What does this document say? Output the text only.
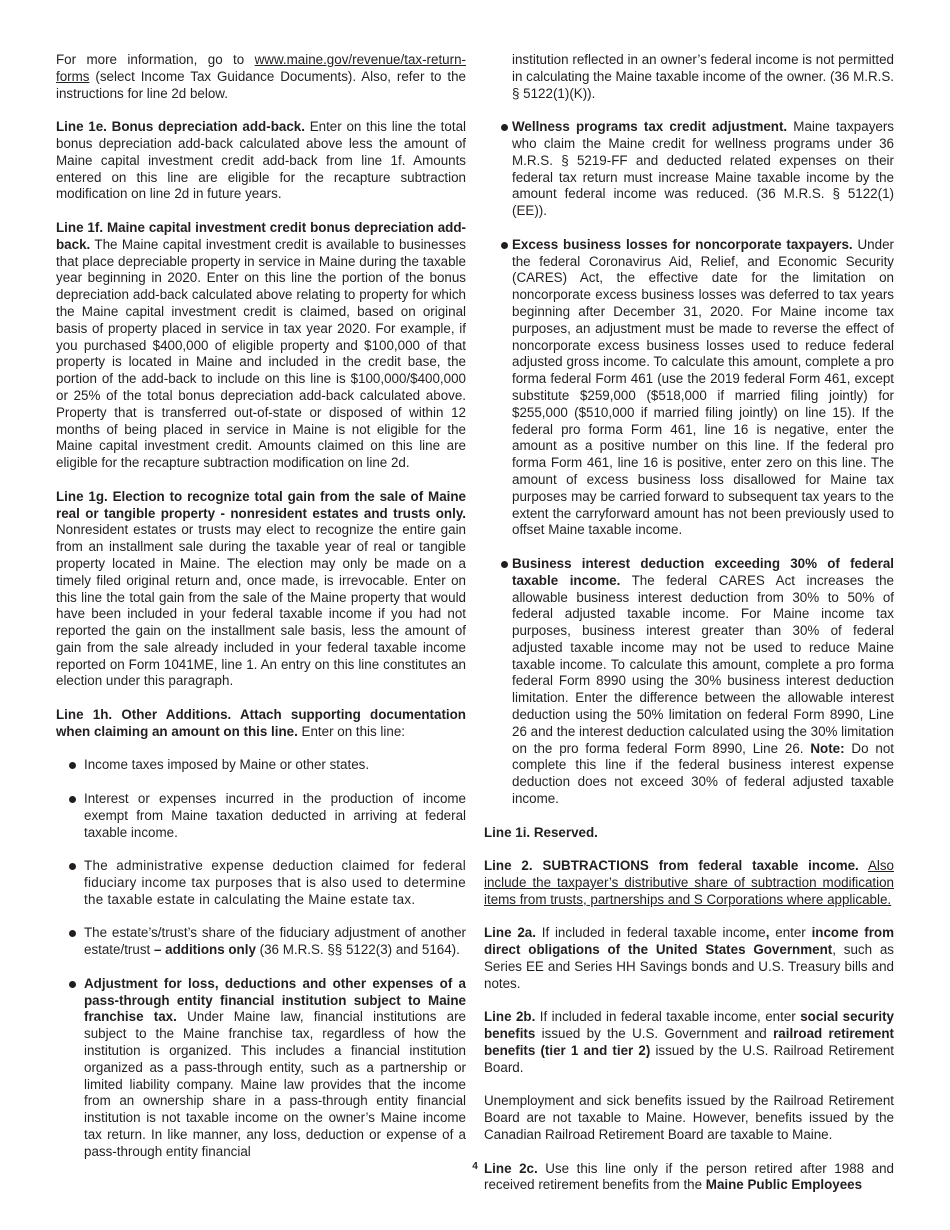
For more information, go to www.maine.gov/revenue/tax-return-forms (select Income Tax Guidance Documents). Also, refer to the instructions for line 2d below.

Line 1e. Bonus depreciation add-back. Enter on this line the total bonus depreciation add-back calculated above less the amount of Maine capital investment credit add-back from line 1f. Amounts entered on this line are eligible for the recapture subtraction modification on line 2d in future years.

Line 1f. Maine capital investment credit bonus depreciation add-back. The Maine capital investment credit is available to businesses that place depreciable property in service in Maine during the taxable year beginning in 2020. Enter on this line the portion of the bonus depreciation add-back calculated above relating to property for which the Maine capital investment credit is claimed, based on original basis of property placed in service in tax year 2020. For example, if you purchased $400,000 of eligible property and $100,000 of that property is located in Maine and included in the credit base, the portion of the add-back to include on this line is $100,000/$400,000 or 25% of the total bonus depreciation add-back calculated above. Property that is transferred out-of-state or disposed of within 12 months of being placed in service in Maine is not eligible for the Maine capital investment credit. Amounts claimed on this line are eligible for the recapture subtraction modification on line 2d.

Line 1g. Election to recognize total gain from the sale of Maine real or tangible property - nonresident estates and trusts only. Nonresident estates or trusts may elect to recognize the entire gain from an installment sale during the taxable year of real or tangible property located in Maine. The election may only be made on a timely filed original return and, once made, is irrevocable. Enter on this line the total gain from the sale of the Maine property that would have been included in your federal taxable income if you had not reported the gain on the installment sale basis, less the amount of gain from the sale already included in your federal taxable income reported on Form 1041ME, line 1. An entry on this line constitutes an election under this paragraph.

Line 1h. Other Additions. Attach supporting documentation when claiming an amount on this line. Enter on this line:

Income taxes imposed by Maine or other states.
Interest or expenses incurred in the production of income exempt from Maine taxation deducted in arriving at federal taxable income.
The administrative expense deduction claimed for federal fiduciary income tax purposes that is also used to determine the taxable estate in calculating the Maine estate tax.
The estate’s/trust’s share of the fiduciary adjustment of another estate/trust – additions only (36 M.R.S. §§ 5122(3) and 5164).
Adjustment for loss, deductions and other expenses of a pass-through entity financial institution subject to Maine franchise tax. Under Maine law, financial institutions are subject to the Maine franchise tax, regardless of how the institution is organized. This includes a financial institution organized as a pass-through entity, such as a partnership or limited liability company. Maine law provides that the income from an ownership share in a pass-through entity financial institution is not taxable income on the owner’s Maine income tax return. In like manner, any loss, deduction or expense of a pass-through entity financial

institution reflected in an owner’s federal income is not permitted in calculating the Maine taxable income of the owner. (36 M.R.S. § 5122(1)(K)).

Wellness programs tax credit adjustment. Maine taxpayers who claim the Maine credit for wellness programs under 36 M.R.S. § 5219-FF and deducted related expenses on their federal tax return must increase Maine taxable income by the amount federal income was reduced. (36 M.R.S. § 5122(1)(EE)).
Excess business losses for noncorporate taxpayers. Under the federal Coronavirus Aid, Relief, and Economic Security (CARES) Act, the effective date for the limitation on noncorporate excess business losses was deferred to tax years beginning after December 31, 2020. For Maine income tax purposes, an adjustment must be made to reverse the effect of noncorporate excess business losses used to reduce federal adjusted gross income. To calculate this amount, complete a pro forma federal Form 461 (use the 2019 federal Form 461, except substitute $259,000 ($518,000 if married filing jointly) for $255,000 ($510,000 if married filing jointly) on line 15). If the federal pro forma Form 461, line 16 is negative, enter the amount as a positive number on this line. If the federal pro forma Form 461, line 16 is positive, enter zero on this line. The amount of excess business loss disallowed for Maine tax purposes may be carried forward to subsequent tax years to the extent the carryforward amount has not been previously used to offset Maine taxable income.
Business interest deduction exceeding 30% of federal taxable income. The federal CARES Act increases the allowable business interest deduction from 30% to 50% of federal adjusted taxable income. For Maine income tax purposes, business interest greater than 30% of federal adjusted taxable income may not be used to reduce Maine taxable income. To calculate this amount, complete a pro forma federal Form 8990 using the 30% business interest deduction limitation. Enter the difference between the allowable interest deduction using the 50% limitation on federal Form 8990, Line 26 and the interest deduction calculated using the 30% limitation on the pro forma federal Form 8990, Line 26. Note: Do not complete this line if the federal business interest expense deduction does not exceed 30% of federal adjusted taxable income.

Line 1i. Reserved.

Line 2. SUBTRACTIONS from federal taxable income. Also include the taxpayer’s distributive share of subtraction modification items from trusts, partnerships and S Corporations where applicable.

Line 2a. If included in federal taxable income, enter income from direct obligations of the United States Government, such as Series EE and Series HH Savings bonds and U.S. Treasury bills and notes.

Line 2b. If included in federal taxable income, enter social security benefits issued by the U.S. Government and railroad retirement benefits (tier 1 and tier 2) issued by the U.S. Railroad Retirement Board.

Unemployment and sick benefits issued by the Railroad Retirement Board are not taxable to Maine. However, benefits issued by the Canadian Railroad Retirement Board are taxable to Maine.

Line 2c. Use this line only if the person retired after 1988 and received retirement benefits from the Maine Public Employees

4
